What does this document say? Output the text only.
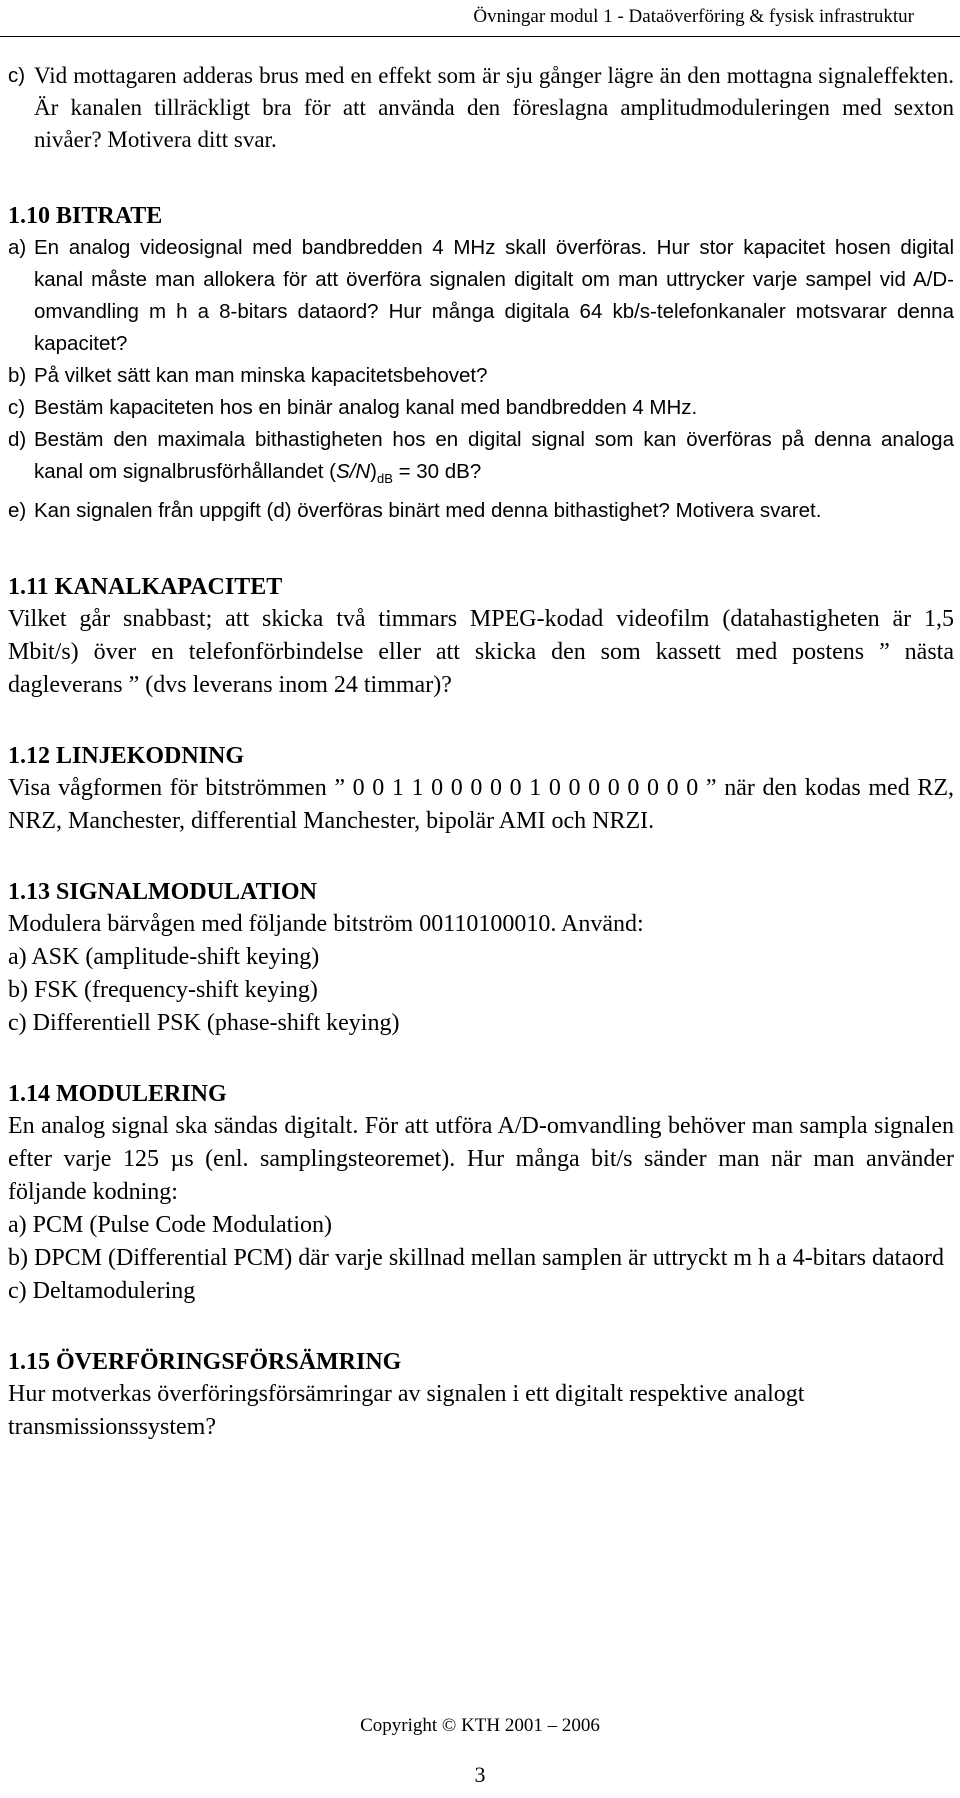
Övningar modul 1 - Dataöverföring & fysisk infrastruktur
c) Vid mottagaren adderas brus med en effekt som är sju gånger lägre än den mottagna signaleffekten. Är kanalen tillräckligt bra för att använda den föreslagna amplitudmoduleringen med sexton nivåer? Motivera ditt svar.
1.10 BITRATE
a) En analog videosignal med bandbredden 4 MHz skall överföras. Hur stor kapacitet hosen digital kanal måste man allokera för att överföra signalen digitalt om man uttrycker varje sampel vid A/D-omvandling m h a 8-bitars dataord? Hur många digitala 64 kb/s-telefonkanaler motsvarar denna kapacitet?
b) På vilket sätt kan man minska kapacitetsbehovet?
c) Bestäm kapaciteten hos en binär analog kanal med bandbredden 4 MHz.
d) Bestäm den maximala bithastigheten hos en digital signal som kan överföras på denna analoga kanal om signalbrusförhållandet $(S/N)_{dB} = 30$ dB?
e) Kan signalen från uppgift (d) överföras binärt med denna bithastighet? Motivera svaret.
1.11 KANALKAPACITET

Vilket går snabbast; att skicka två timmars MPEG-kodad videofilm (datahastigheten är 1,5 Mbit/s) över en telefonförbindelse eller att skicka den som kassett med postens ” nästa dagleverans ” (dvs leverans inom 24 timmar)?

1.12 LINJEKODNING

Visa vågformen för bitströmmen ” 0 0 1 1 0 0 0 0 0 1 0 0 0 0 0 0 0 0 ” när den kodas med RZ, NRZ, Manchester, differential Manchester, bipolär AMI och NRZI.

1.13 SIGNALMODULATION

Modulera bärvågen med följande bitström 00110100010. Använd:

a) ASK (amplitude-shift keying)

b) FSK (frequency-shift keying)

c) Differentiell PSK (phase-shift keying)

1.14 MODULERING

En analog signal ska sändas digitalt. För att utföra A/D-omvandling behöver man sampla signalen efter varje 125 µs (enl. samplingsteoremet). Hur många bit/s sänder man när man använder följande kodning:

a) PCM (Pulse Code Modulation)

b) DPCM (Differential PCM) där varje skillnad mellan samplen är uttryckt m h a 4-bitars dataord

c) Deltamodulering

1.15 ÖVERFÖRINGSFÖRSÄMRING

Hur motverkas överföringsförsämringar av signalen i ett digitalt respektive analogt transmissionssystem?

Copyright © KTH 2001 – 2006
3
